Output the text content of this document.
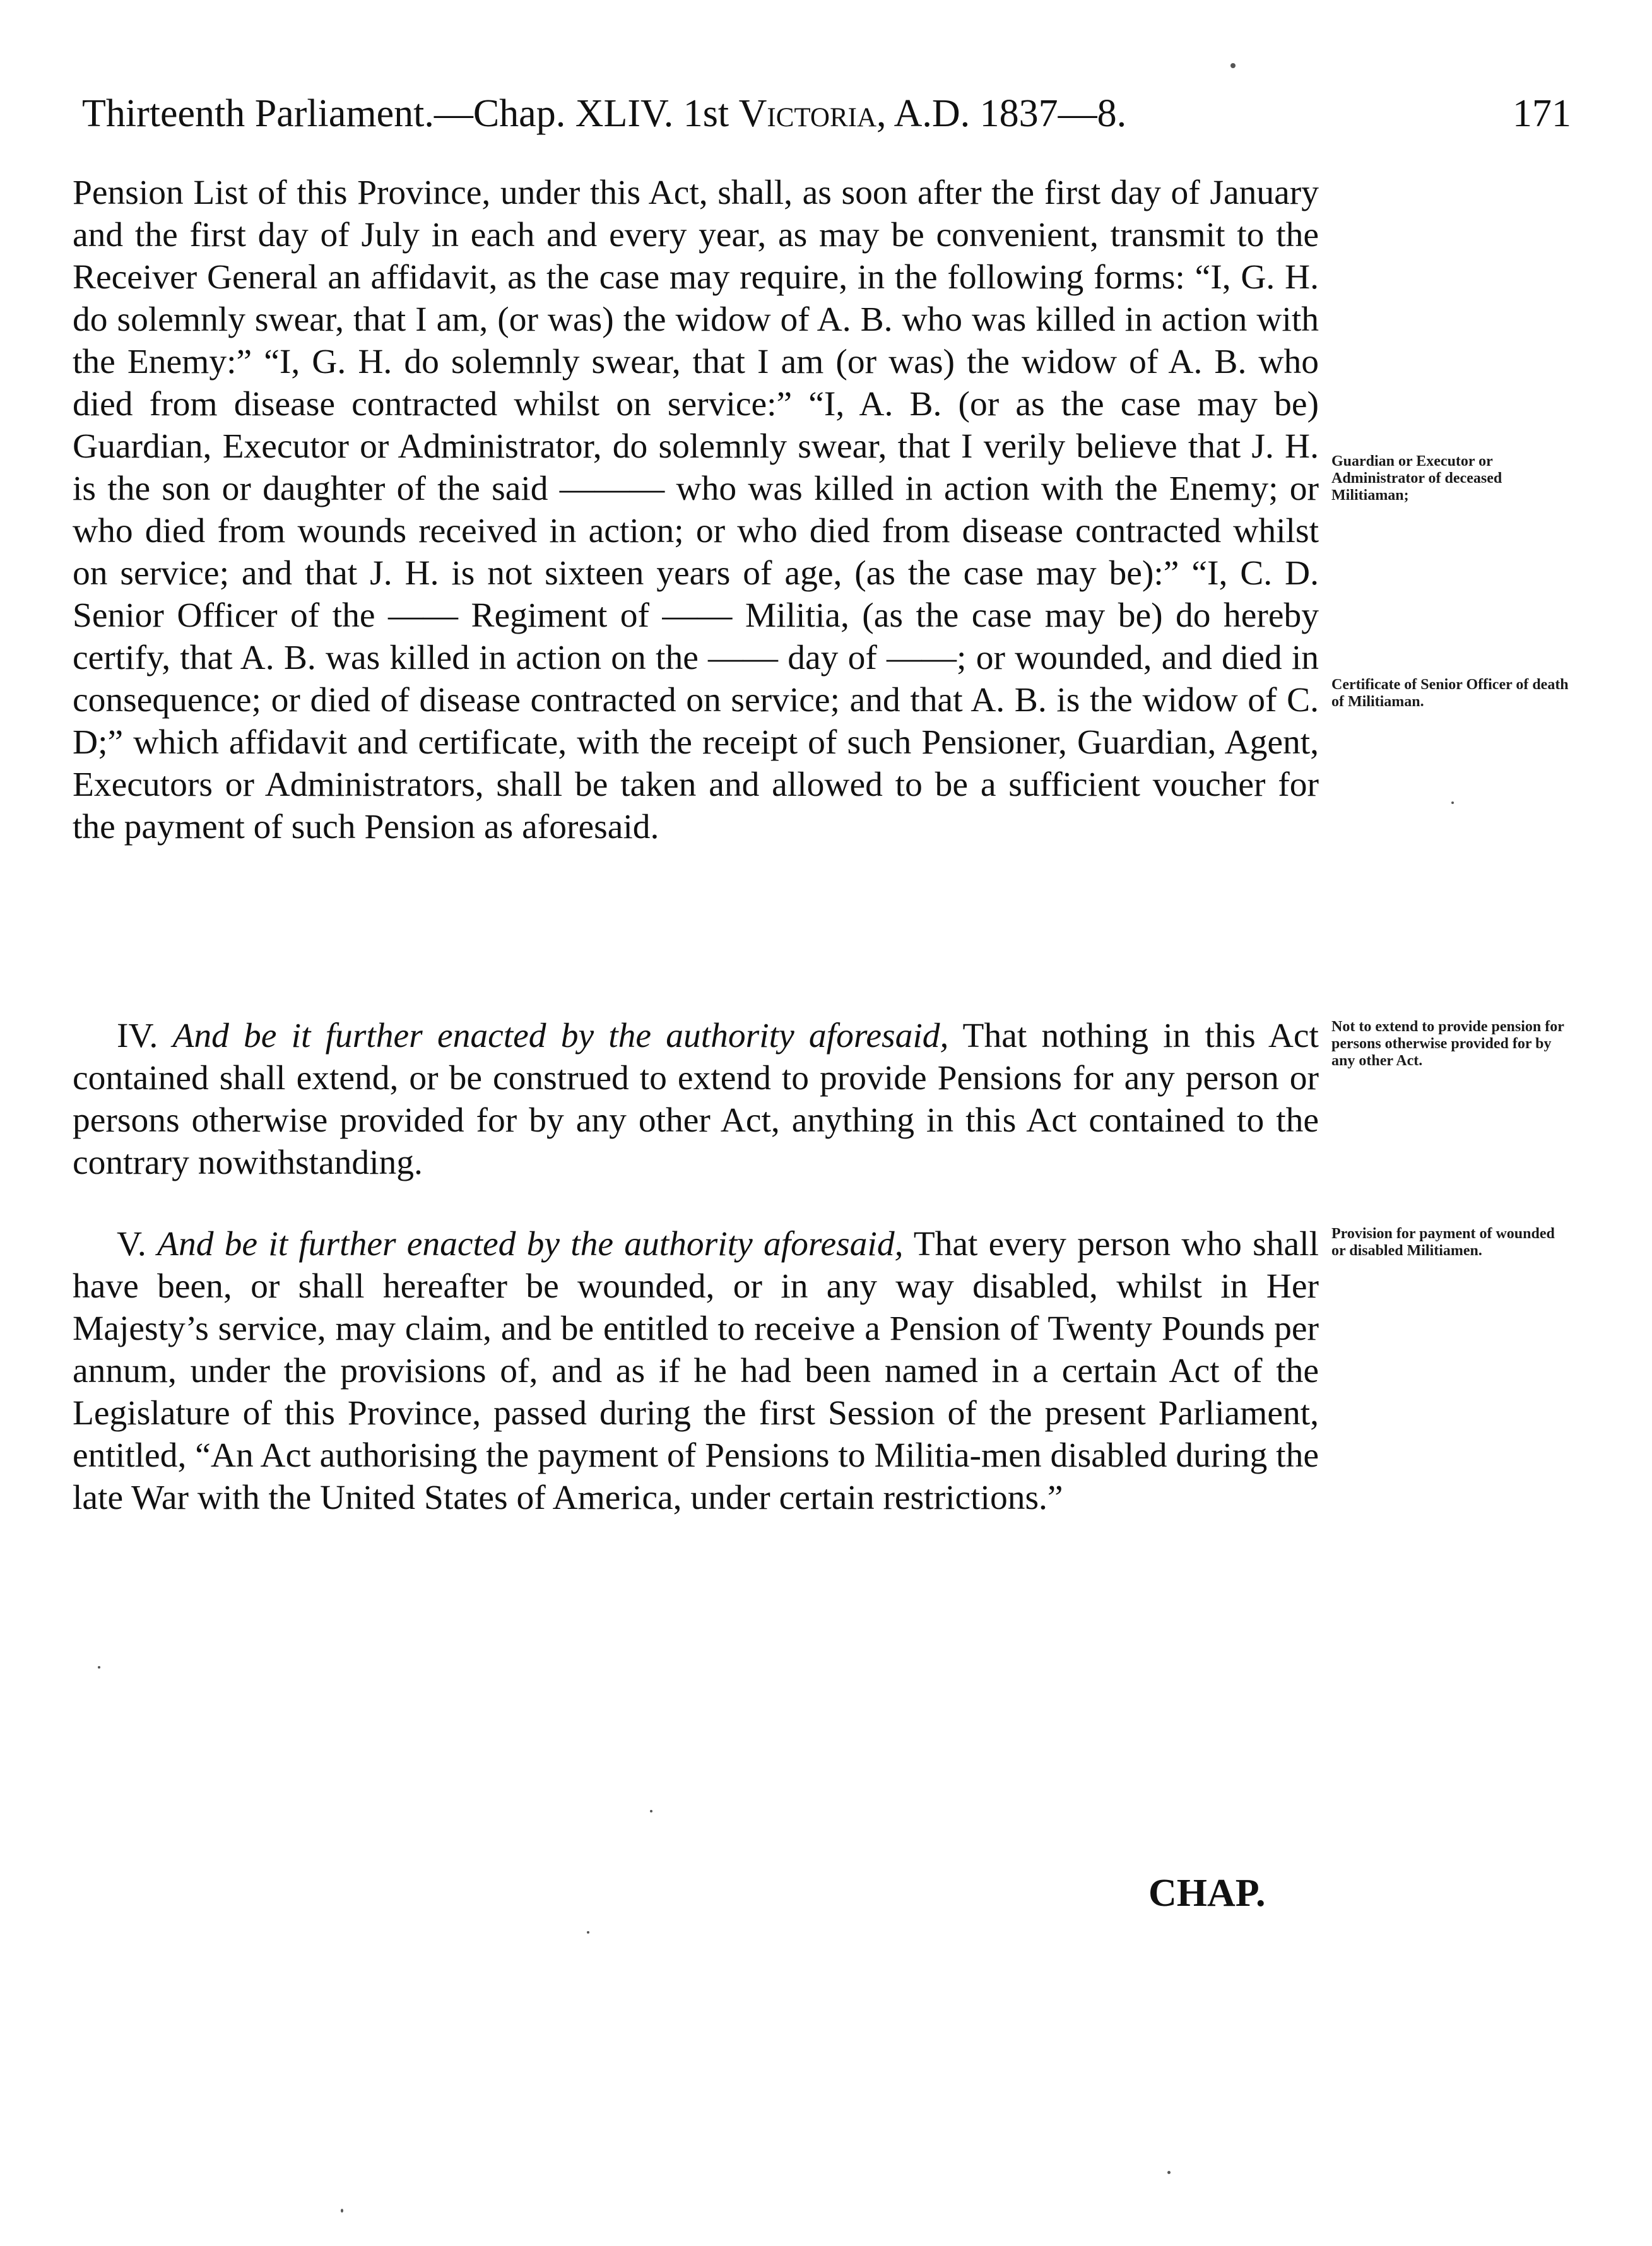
Thirteenth Parliament.—Chap. XLIV. 1st Victoria, A.D. 1837—8.	171

Pension List of this Province, under this Act, shall, as soon after the first day of January and the first day of July in each and every year, as may be convenient, transmit to the Receiver General an affidavit, as the case may require, in the following forms: “I, G. H. do solemnly swear, that I am, (or was) the widow of A. B. who was killed in action with the Enemy:” “I, G. H. do solemnly swear, that I am (or was) the widow of A. B. who died from disease contracted whilst on service:” “I, A. B. (or as the case may be) Guardian, Executor or Administrator, do solemnly swear, that I verily believe that J. H. is the son or daughter of the said ——— who was killed in action with the Enemy; or who died from wounds received in action; or who died from disease contracted whilst on service; and that J. H. is not sixteen years of age, (as the case may be):” “I, C. D. Senior Officer of the —— Regiment of —— Militia, (as the case may be) do hereby certify, that A. B. was killed in action on the —— day of ——; or wounded, and died in consequence; or died of disease contracted on service; and that A. B. is the widow of C. D;” which affidavit and certificate, with the receipt of such Pensioner, Guardian, Agent, Executors or Administrators, shall be taken and allowed to be a sufficient voucher for the payment of such Pension as aforesaid.

IV. And be it further enacted by the authority aforesaid, That nothing in this Act contained shall extend, or be construed to extend to provide Pensions for any person or persons otherwise provided for by any other Act, anything in this Act contained to the contrary nowithstanding.

V. And be it further enacted by the authority aforesaid, That every person who shall have been, or shall hereafter be wounded, or in any way disabled, whilst in Her Majesty’s service, may claim, and be entitled to receive a Pension of Twenty Pounds per annum, under the provisions of, and as if he had been named in a certain Act of the Legislature of this Province, passed during the first Session of the present Parliament, entitled, “An Act authorising the payment of Pensions to Militia-men disabled during the late War with the United States of America, under certain restrictions.”

Guardian or Executor or Administrator of deceased Militiaman;
Certificate of Senior Officer of death of Militiaman.
Not to extend to provide pension for persons otherwise provided for by any other Act.
Provision for payment of wounded or disabled Militiamen.
CHAP.
